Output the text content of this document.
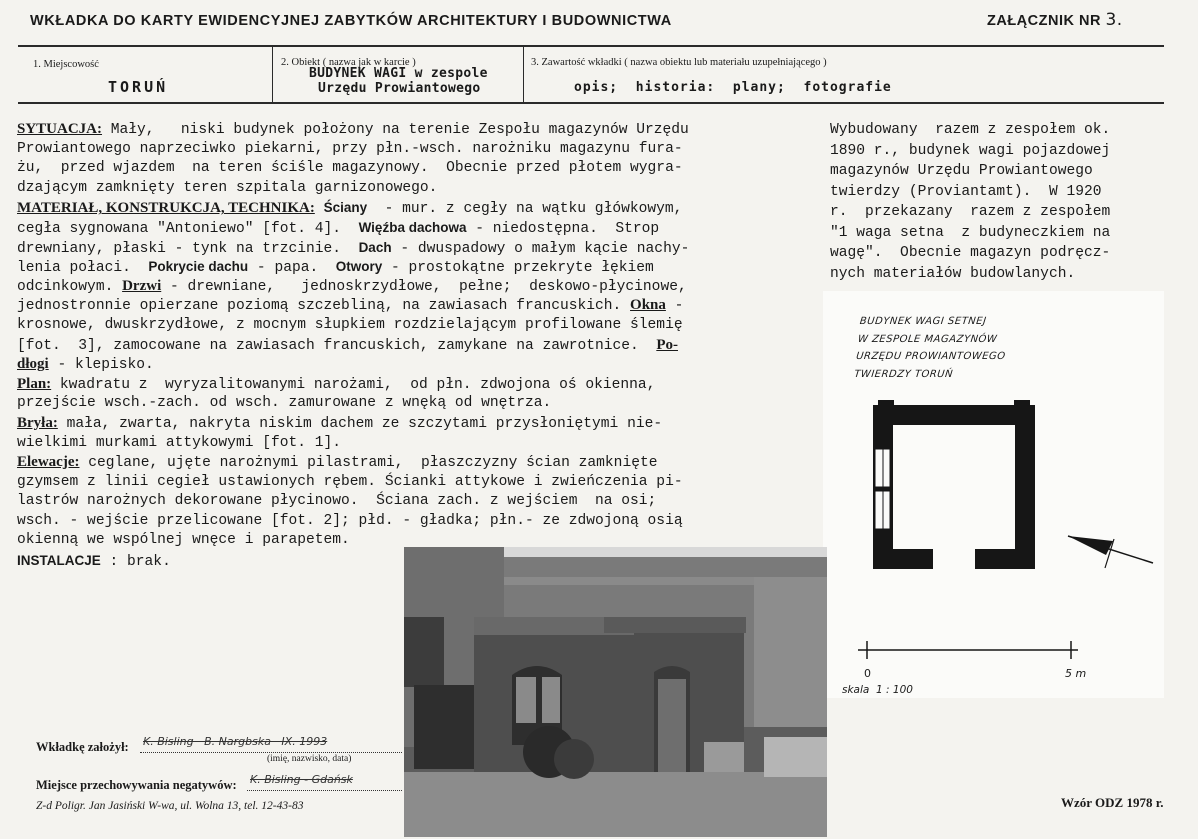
WKŁADKA DO KARTY EWIDENCYJNEJ ZABYTKÓW ARCHITEKTURY I BUDOWNICTWA	ZAŁĄCZNIK NR 3.
1. Miejscowość
TORUŃ
2. Obiekt ( nazwa jak w karcie )
BUDYNEK WAGI w zespole
Urzędu Prowiantowego
3. Zawartość wkładki ( nazwa obiektu lub materiału uzupełniającego )
opis;  historia:  plany;  fotografie
SYTUACJA: Mały,   niski budynek położony na terenie Zespołu magazynów Urzędu
Prowiantowego naprzeciwko piekarni, przy płn.-wsch. narożniku magazynu fura-
żu,  przed wjazdem  na teren ściśle magazynowy.  Obecnie przed płotem wygra-
dzającym zamknięty teren szpitala garnizonowego.
MATERIAŁ, KONSTRUKCJA, TECHNIKA: Ściany  - mur. z cegły na wątku główkowym,
cegła sygnowana "Antoniewo" [fot. 4].  Więźba dachowa - niedostępna.  Strop
drewniany, płaski - tynk na trzcinie.  Dach - dwuspadowy o małym kącie nachy-
lenia połaci.  Pokrycie dachu - papa.  Otwory - prostokątne przekryte łękiem
odcinkowym. Drzwi - drewniane,   jednoskrzydłowe,  pełne;  deskowo-płycinowe,
jednostronnie opierzane poziomą szczebliną, na zawiasach francuskich. Okna -
krosnowe, dwuskrzydłowe, z mocnym słupkiem rozdzielającym profilowane ślemię
[fot.  3], zamocowane na zawiasach francuskich, zamykane na zawrotnice.  Po-
dłogi - klepisko.
Plan: kwadratu z  wyryzalitowanymi narożami,  od płn. zdwojona oś okienna,
przejście wsch.-zach. od wsch. zamurowane z wnęką od wnętrza.
Bryła: mała, zwarta, nakryta niskim dachem ze szczytami przysłoniętymi nie-
wielkimi murkami attykowymi [fot. 1].
Elewacje: ceglane, ujęte narożnymi pilastrami,  płaszczyzny ścian zamknięte
gzymsem z linii cegieł ustawionych rębem. Ścianki attykowe i zwieńczenia pi-
lastrów narożnych dekorowane płycinowo.  Ściana zach. z wejściem  na osi;
wsch. - wejście przelicowane [fot. 2]; płd. - gładka; płn.- ze zdwojoną osią
okienną we wspólnej wnęce i parapetem.
INSTALACJE : brak.
Wybudowany  razem z zespołem ok.
1890 r., budynek wagi pojazdowej
magazynów Urzędu Prowiantowego
twierdzy (Proviantamt).  W 1920
r.  przekazany  razem z zespołem
"1 waga setna  z budyneczkiem na
wagę".  Obecnie magazyn podręcz-
nych materiałów budowlanych.
BUDYNEK WAGI SETNEJ
W ZESPOLE MAGAZYNÓW
URZĘDU PROWIANTOWEGO
TWIERDZY TORUŃ
0	5 m
skala  1 : 100
Wkładkę założył: K. Bisling   B. Nargbska   IX. 1993
(imię, nazwisko, data)
Miejsce przechowywania negatywów: K. Bisling - Gdańsk
Z-d Poligr. Jan Jasiński W-wa, ul. Wolna 13, tel. 12-43-83	Wzór ODZ 1978 r.
